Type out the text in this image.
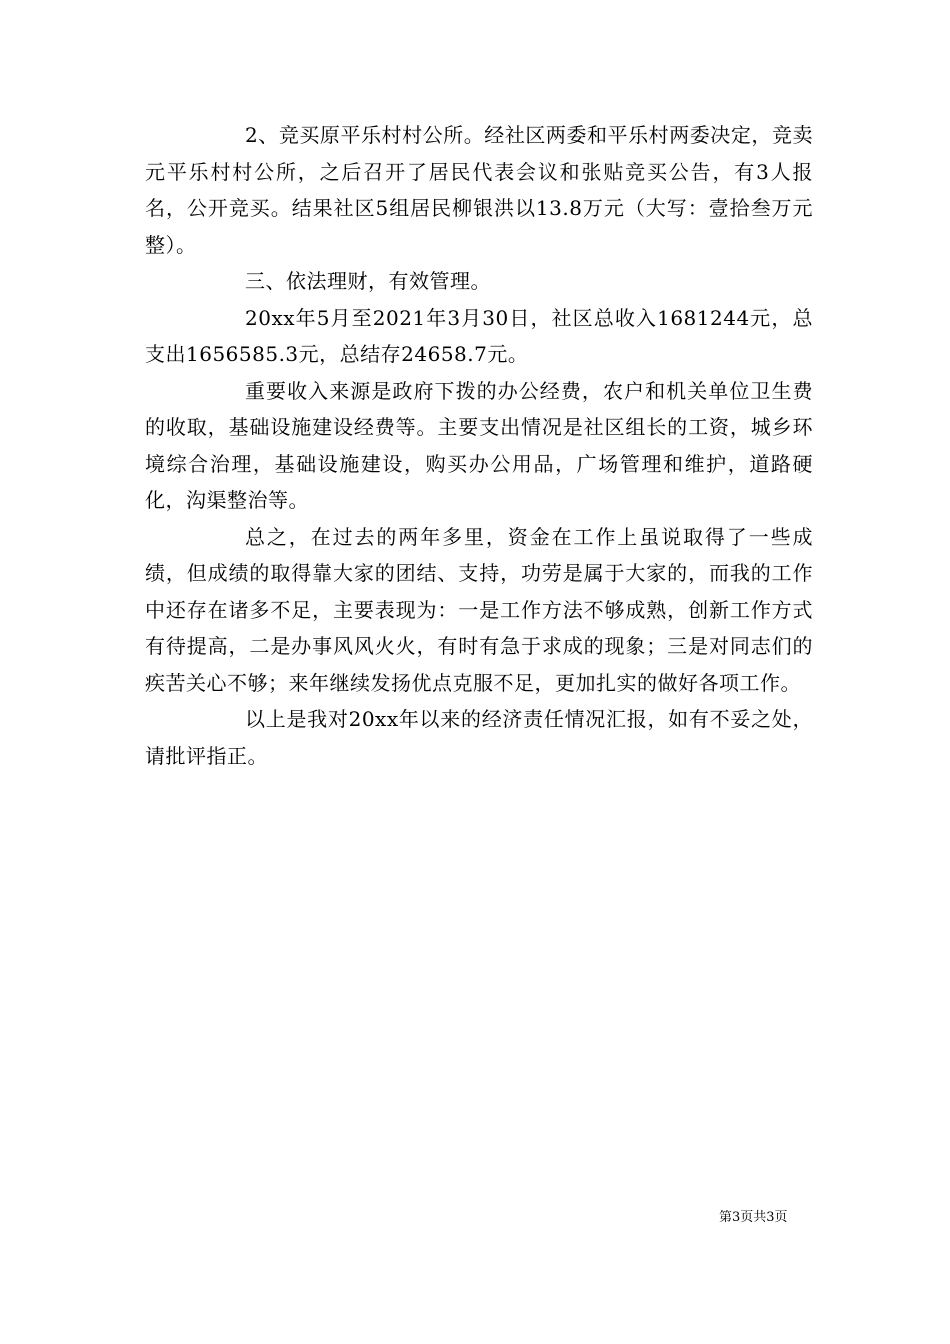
2、竞买原平乐村村公所。经社区两委和平乐村两委决定，竞卖元平乐村村公所，之后召开了居民代表会议和张贴竞买公告，有3人报名，公开竞买。结果社区5组居民柳银洪以13.8万元（大写：壹拾叁万元整）。

三、依法理财，有效管理。

20xx年5月至2021年3月30日，社区总收入1681244元，总支出1656585.3元，总结存24658.7元。

重要收入来源是政府下拨的办公经费，农户和机关单位卫生费的收取，基础设施建设经费等。主要支出情况是社区组长的工资，城乡环境综合治理，基础设施建设，购买办公用品，广场管理和维护，道路硬化，沟渠整治等。

总之，在过去的两年多里，资金在工作上虽说取得了一些成绩，但成绩的取得靠大家的团结、支持，功劳是属于大家的，而我的工作中还存在诸多不足，主要表现为：一是工作方法不够成熟，创新工作方式有待提高，二是办事风风火火，有时有急于求成的现象；三是对同志们的疾苦关心不够；来年继续发扬优点克服不足，更加扎实的做好各项工作。

以上是我对20xx年以来的经济责任情况汇报，如有不妥之处，请批评指正。

第3页共3页
